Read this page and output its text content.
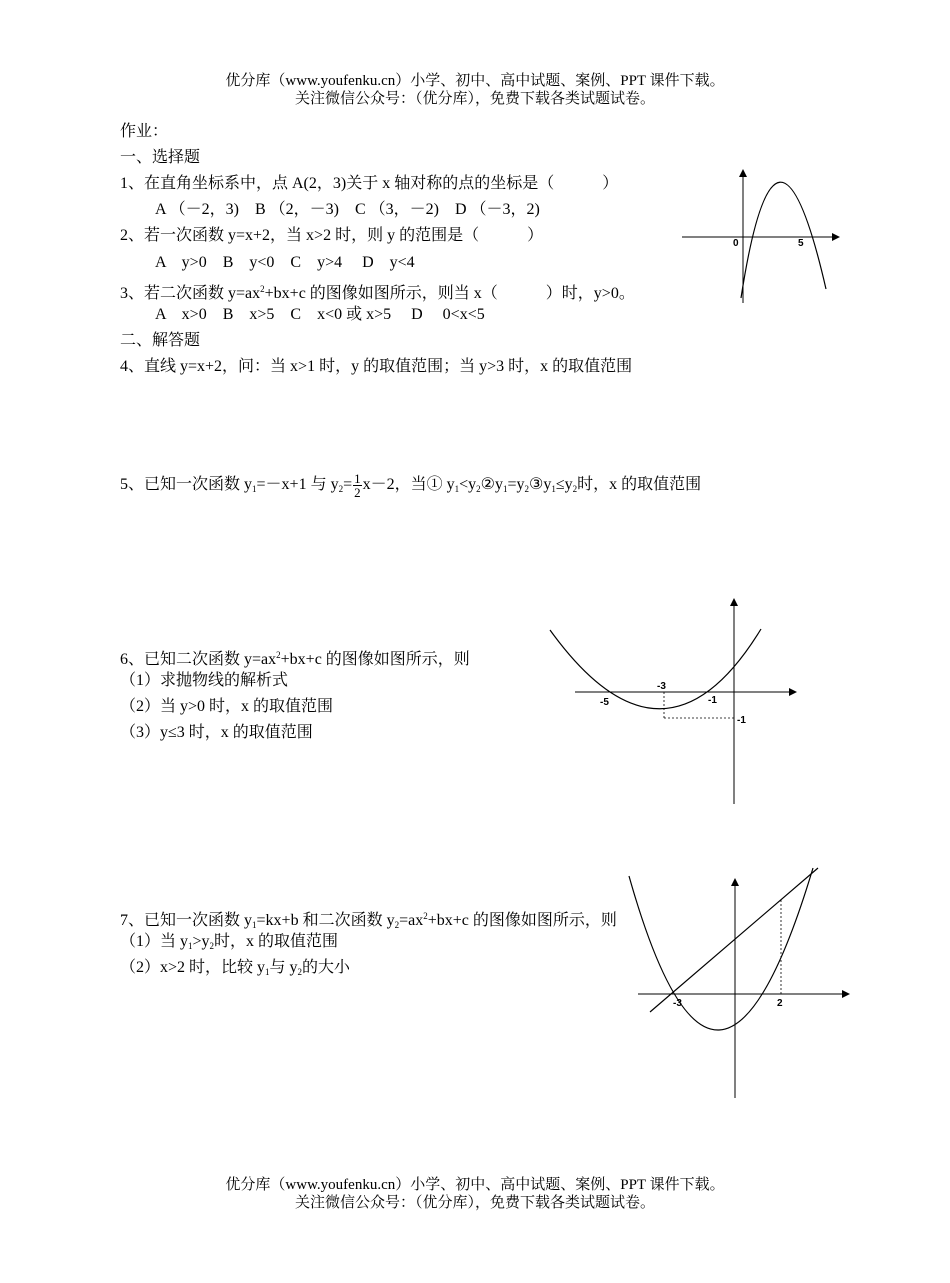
优分库（www.youfenku.cn）小学、初中、高中试题、案例、PPT 课件下载。
关注微信公众号：（优分库），免费下载各类试题试卷。
作业：
一、选择题
1、在直角坐标系中，点 A(2，3)关于 x 轴对称的点的坐标是（　　　）
A （－2，3)　B （2，－3)　C （3，－2)　D （－3，2)
2、若一次函数 y=x+2，当 x>2 时，则 y 的范围是（　　　）
A　y>0　B　y<0　C　y>4　 D　y<4
3、若二次函数 $y=ax^2+bx+c$ 的图像如图所示，则当 x（　　　）时，y>0。
A　x>0　B　x>5　C　x<0 或 x>5　 D　 0<x<5
二、解答题
4、直线 y=x+2，问：当 x>1 时，y 的取值范围；当 y>3 时，x 的取值范围
5、已知一次函数 $y_1=-x+1$ 与 $y_2= \frac{1}{2} x-2$，当① $y_1<y_2②y_1=y_2③y_1\le y_2$时，x 的取值范围
6、已知二次函数 $y=ax^2+bx+c$ 的图像如图所示，则
（1）求抛物线的解析式
（2）当 y>0 时，x 的取值范围
（3）y≤3 时，x 的取值范围
7、已知一次函数 $y_1=kx+b$ 和二次函数 $y_2=ax^2+bx+c$ 的图像如图所示，则
（1）当 $y_1>y_2$时，x 的取值范围
（2）x>2 时，比较 $y_1$与 $y_2$的大小
0	5
-5
-3
-1
-1
-3	2
优分库（www.youfenku.cn）小学、初中、高中试题、案例、PPT 课件下载。
关注微信公众号：（优分库），免费下载各类试题试卷。
